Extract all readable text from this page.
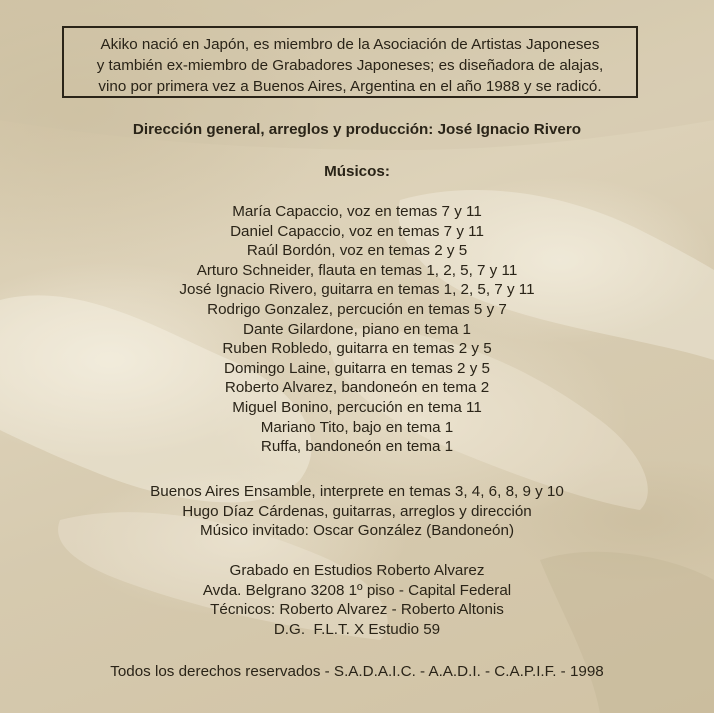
Akiko nació en Japón, es miembro de la Asociación de Artistas Japoneses
y también ex-miembro de Grabadores Japoneses; es diseñadora de alajas,
vino por primera vez a Buenos Aires, Argentina en el año 1988 y se radicó.
Dirección general, arreglos y producción: José Ignacio Rivero
Músicos:
María Capaccio, voz en temas 7 y 11
Daniel Capaccio, voz en temas 7 y 11
Raúl Bordón, voz en temas 2 y 5
Arturo Schneider, flauta en temas 1, 2, 5, 7 y 11
José Ignacio Rivero, guitarra en temas 1, 2, 5, 7 y 11
Rodrigo Gonzalez, percución en temas 5 y 7
Dante Gilardone, piano en tema 1
Ruben Robledo, guitarra en temas 2 y 5
Domingo Laine, guitarra en temas 2 y 5
Roberto Alvarez, bandoneón en tema 2
Miguel Bonino, percución en tema 11
Mariano Tito, bajo en tema 1
Ruffa, bandoneón en tema 1
Buenos Aires Ensamble, interprete en temas 3, 4, 6, 8, 9 y 10
Hugo Díaz Cárdenas, guitarras, arreglos y dirección
Músico invitado: Oscar González (Bandoneón)
Grabado en Estudios Roberto Alvarez
Avda. Belgrano 3208 1º piso - Capital Federal
Técnicos: Roberto Alvarez - Roberto Altonis
D.G.  F.L.T. X Estudio 59
Todos los derechos reservados - S.A.D.A.I.C. - A.A.D.I. - C.A.P.I.F. - 1998
